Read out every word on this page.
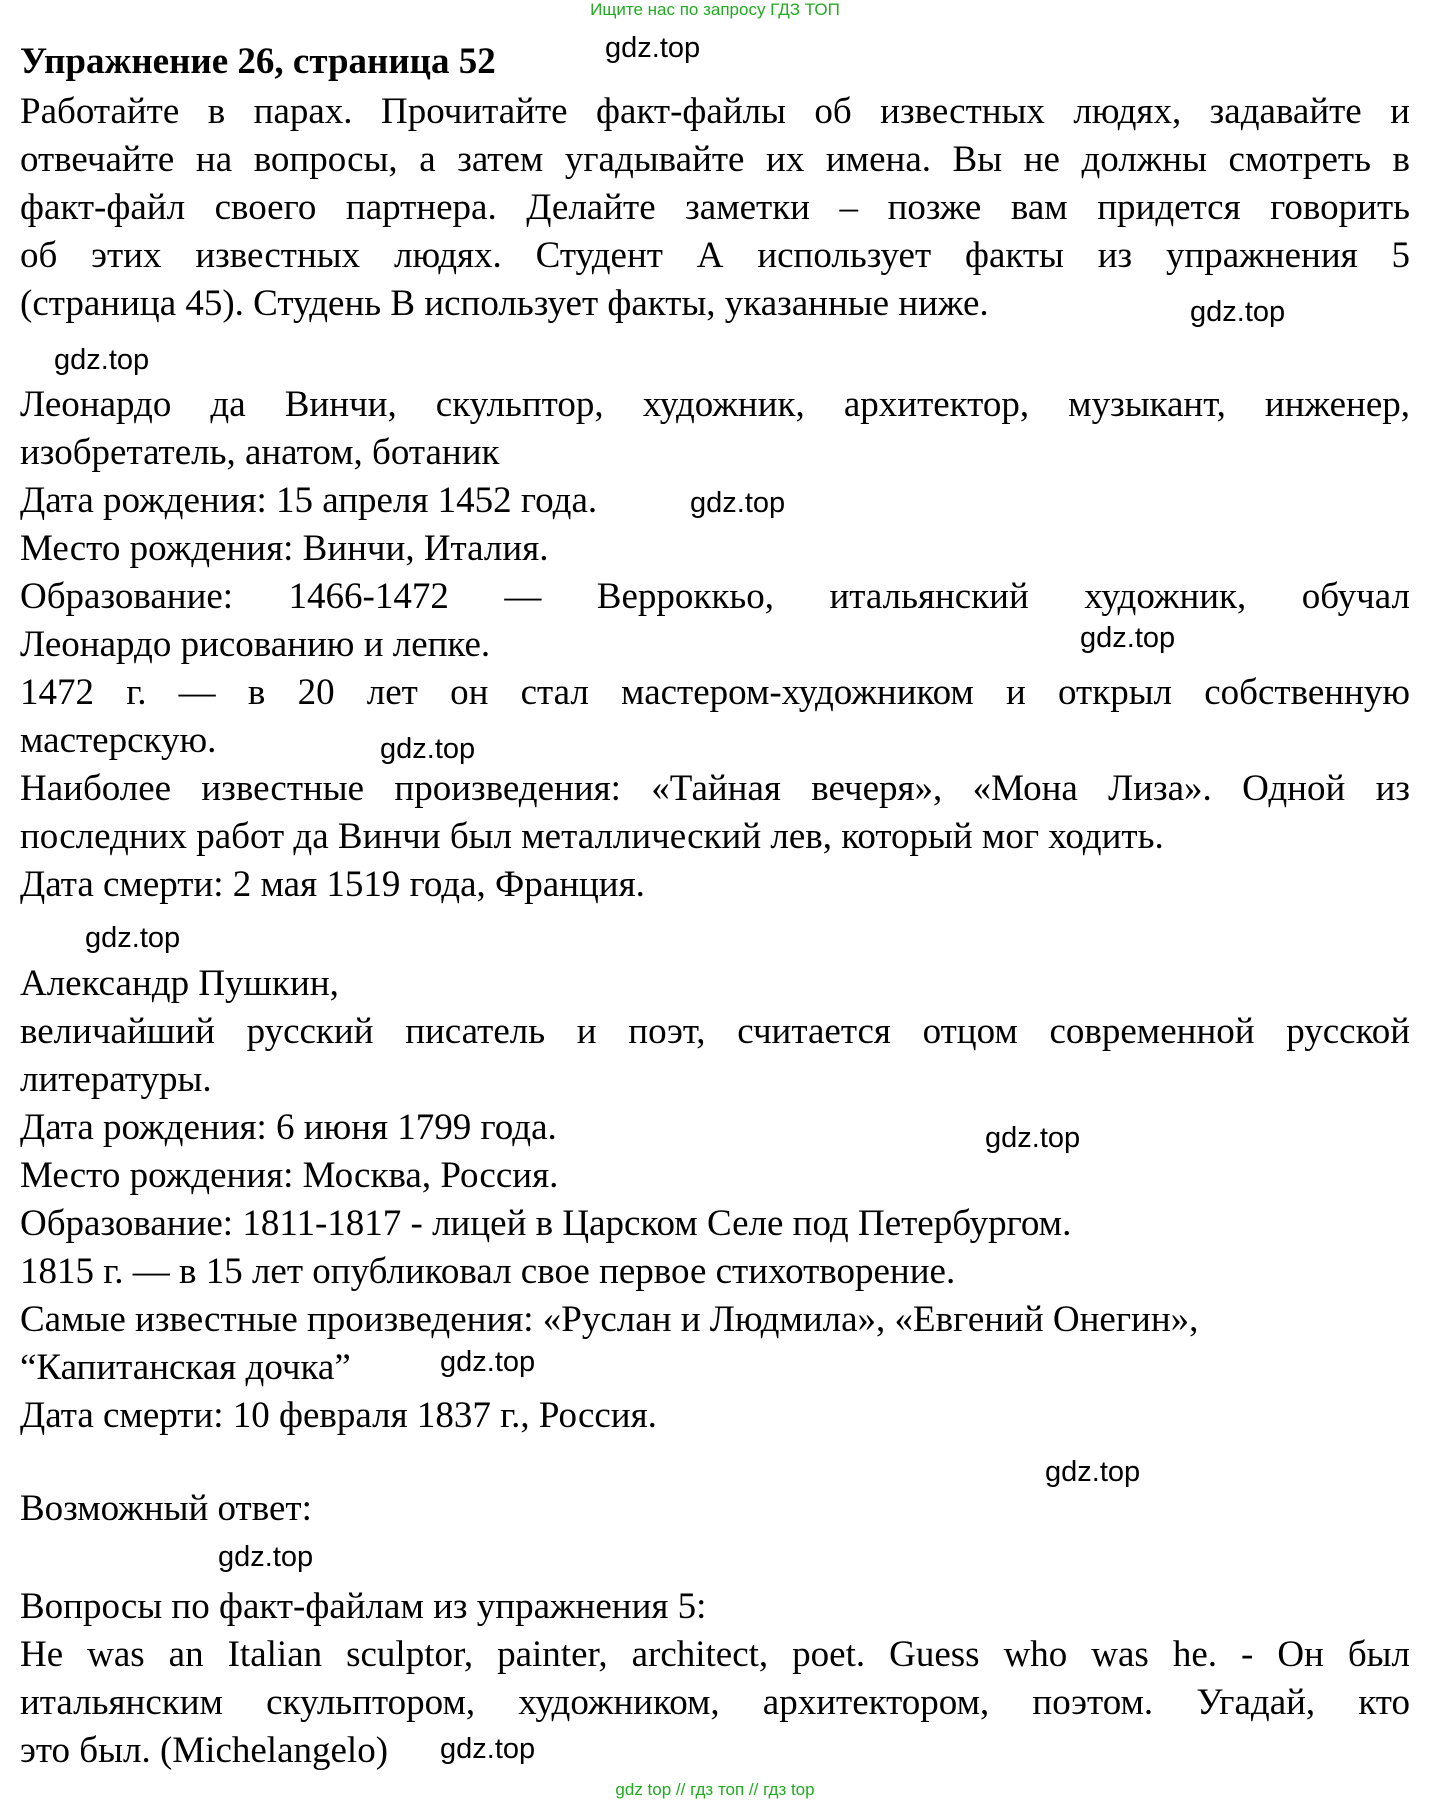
Ищите нас по запросу ГДЗ ТОП
Упражнение 26, страница 52
Работайте в парах. Прочитайте факт-файлы об известных людях, задавайте и
отвечайте на вопросы, а затем угадывайте их имена. Вы не должны смотреть в
факт-файл своего партнера. Делайте заметки – позже вам придется говорить
об этих известных людях. Студент А использует факты из упражнения 5
(страница 45). Студень В использует факты, указанные ниже.
Леонардо да Винчи, скульптор, художник, архитектор, музыкант, инженер,
изобретатель, анатом, ботаник
Дата рождения: 15 апреля 1452 года.
Место рождения: Винчи, Италия.
Образование: 1466-1472 — Верроккьо, итальянский художник, обучал
Леонардо рисованию и лепке.
1472 г. — в 20 лет он стал мастером-художником и открыл собственную
мастерскую.
Наиболее известные произведения: «Тайная вечеря», «Мона Лиза». Одной из
последних работ да Винчи был металлический лев, который мог ходить.
Дата смерти: 2 мая 1519 года, Франция.
Александр Пушкин,
величайший русский писатель и поэт, считается отцом современной русской
литературы.
Дата рождения: 6 июня 1799 года.
Место рождения: Москва, Россия.
Образование: 1811-1817 - лицей в Царском Селе под Петербургом.
1815 г. — в 15 лет опубликовал свое первое стихотворение.
Самые известные произведения: «Руслан и Людмила», «Евгений Онегин»,
“Капитанская дочка”
Дата смерти: 10 февраля 1837 г., Россия.
Возможный ответ:
Вопросы по факт-файлам из упражнения 5:
He was an Italian sculptor, painter, architect, poet. Guess who was he. - Он был
итальянским скульптором, художником, архитектором, поэтом. Угадай, кто
это был. (Michelangelo)
gdz.top
gdz.top
gdz.top
gdz.top
gdz.top
gdz.top
gdz.top
gdz.top
gdz.top
gdz.top
gdz.top
gdz.top
gdz top // гдз топ // гдз top
